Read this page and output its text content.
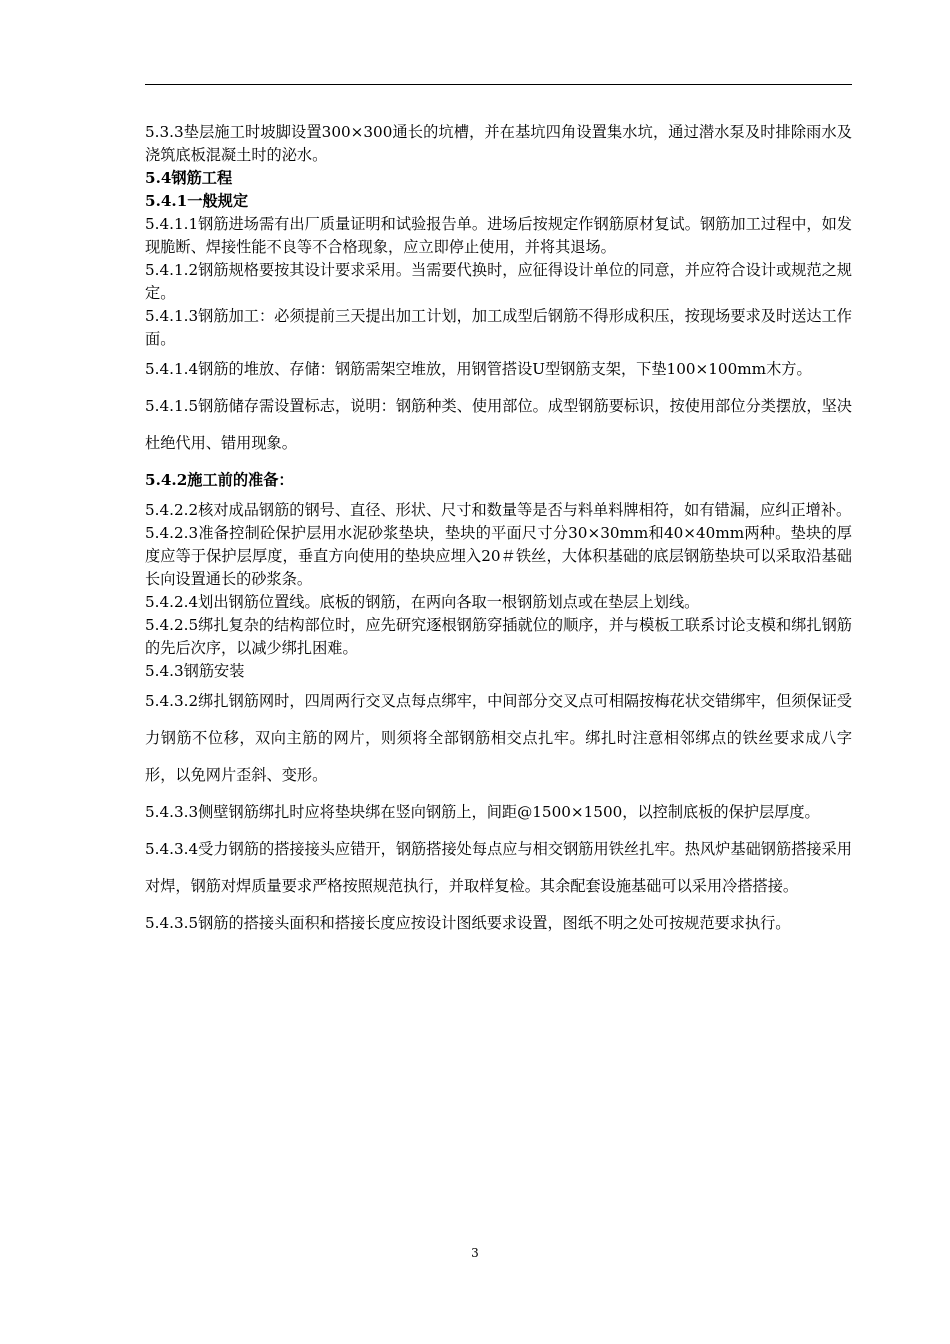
5.3.3垫层施工时坡脚设置300×300通长的坑槽，并在基坑四角设置集水坑，通过潜水泵及时排除雨水及浇筑底板混凝土时的泌水。

5.4钢筋工程

5.4.1一般规定

5.4.1.1钢筋进场需有出厂质量证明和试验报告单。进场后按规定作钢筋原材复试。钢筋加工过程中，如发现脆断、焊接性能不良等不合格现象，应立即停止使用，并将其退场。

5.4.1.2钢筋规格要按其设计要求采用。当需要代换时，应征得设计单位的同意，并应符合设计或规范之规定。

5.4.1.3钢筋加工：必须提前三天提出加工计划，加工成型后钢筋不得形成积压，按现场要求及时送达工作面。

5.4.1.4钢筋的堆放、存储：钢筋需架空堆放，用钢管搭设U型钢筋支架，下垫100×100mm木方。

5.4.1.5钢筋储存需设置标志，说明：钢筋种类、使用部位。成型钢筋要标识，按使用部位分类摆放，坚决杜绝代用、错用现象。

5.4.2施工前的准备：

5.4.2.2核对成品钢筋的钢号、直径、形状、尺寸和数量等是否与料单料牌相符，如有错漏，应纠正增补。

5.4.2.3准备控制砼保护层用水泥砂浆垫块，垫块的平面尺寸分30×30mm和40×40mm两种。垫块的厚度应等于保护层厚度，垂直方向使用的垫块应埋入20＃铁丝，大体积基础的底层钢筋垫块可以采取沿基础长向设置通长的砂浆条。

5.4.2.4划出钢筋位置线。底板的钢筋，在两向各取一根钢筋划点或在垫层上划线。

5.4.2.5绑扎复杂的结构部位时，应先研究逐根钢筋穿插就位的顺序，并与模板工联系讨论支模和绑扎钢筋的先后次序，以减少绑扎困难。

5.4.3钢筋安装

5.4.3.2绑扎钢筋网时，四周两行交叉点每点绑牢，中间部分交叉点可相隔按梅花状交错绑牢，但须保证受力钢筋不位移，双向主筋的网片，则须将全部钢筋相交点扎牢。绑扎时注意相邻绑点的铁丝要求成八字形，以免网片歪斜、变形。

5.4.3.3侧壁钢筋绑扎时应将垫块绑在竖向钢筋上，间距@1500×1500，以控制底板的保护层厚度。

5.4.3.4受力钢筋的搭接接头应错开，钢筋搭接处每点应与相交钢筋用铁丝扎牢。热风炉基础钢筋搭接采用对焊，钢筋对焊质量要求严格按照规范执行，并取样复检。其余配套设施基础可以采用冷搭搭接。

5.4.3.5钢筋的搭接头面积和搭接长度应按设计图纸要求设置，图纸不明之处可按规范要求执行。

3
